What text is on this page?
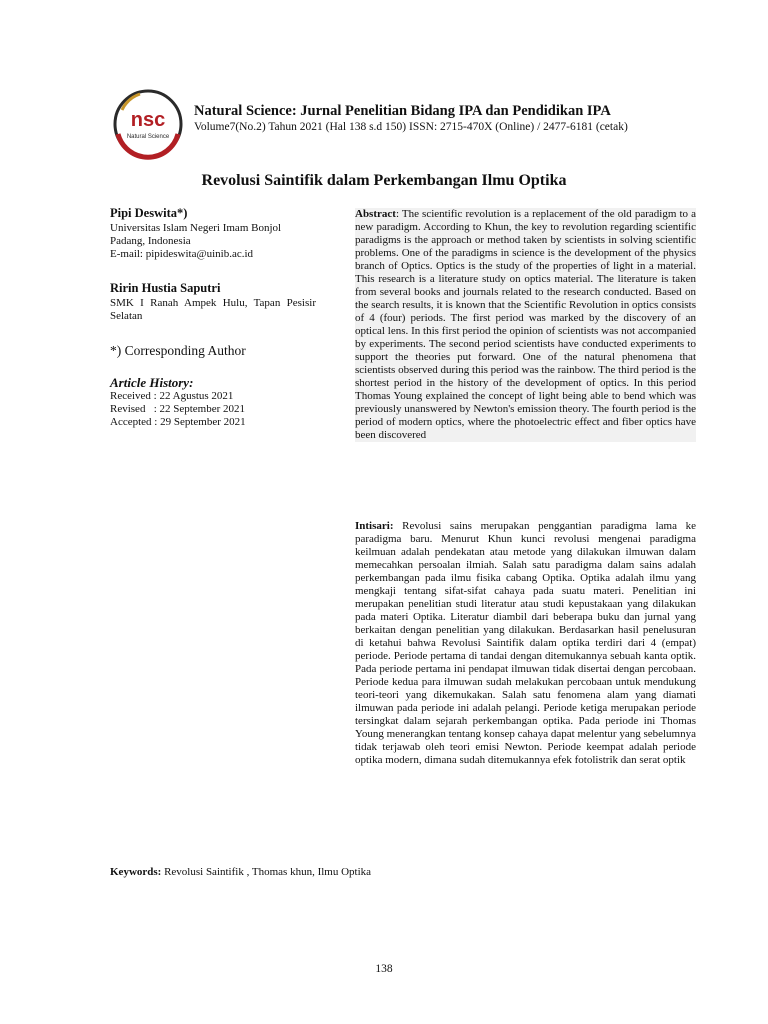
nsc
Natural Science
Natural Science: Jurnal Penelitian Bidang IPA dan Pendidikan IPA
Volume7(No.2) Tahun 2021 (Hal 138 s.d 150) ISSN: 2715-470X (Online) / 2477-6181 (cetak)
Revolusi Saintifik dalam Perkembangan Ilmu Optika
Pipi Deswita*)

Universitas Islam Negeri Imam Bonjol

Padang, Indonesia

E-mail: pipideswita@uinib.ac.id

Ririn Hustia Saputri

SMK I Ranah Ampek Hulu, Tapan Pesisir Selatan

*) Corresponding Author
Article History:
Received : 22 Agustus 2021
Revised   : 22 September 2021
Accepted : 29 September 2021
Abstract: The scientific revolution is a replacement of the old paradigm to a new paradigm. According to Khun, the key to revolution regarding scientific paradigms is the approach or method taken by scientists in solving scientific problems. One of the paradigms in science is the development of the physics branch of Optics. Optics is the study of the properties of light in a material. This research is a literature study on optics material. The literature is taken from several books and journals related to the research conducted. Based on the search results, it is known that the Scientific Revolution in optics consists of 4 (four) periods. The first period was marked by the discovery of an optical lens. In this first period the opinion of scientists was not accompanied by experiments. The second period scientists have conducted experiments to support the theories put forward. One of the natural phenomena that scientists observed during this period was the rainbow. The third period is the shortest period in the history of the development of optics. In this period Thomas Young explained the concept of light being able to bend which was previously unanswered by Newton's emission theory. The fourth period is the period of modern optics, where the photoelectric effect and fiber optics have been discovered
Intisari: Revolusi sains merupakan penggantian paradigma lama ke paradigma baru. Menurut Khun kunci revolusi mengenai paradigma keilmuan adalah pendekatan atau metode yang dilakukan ilmuwan dalam memecahkan persoalan ilmiah. Salah satu paradigma dalam sains adalah perkembangan pada ilmu fisika cabang Optika. Optika adalah ilmu yang mengkaji tentang sifat-sifat cahaya pada suatu materi. Penelitian ini merupakan penelitian studi literatur atau studi kepustakaan yang dilakukan pada materi Optika. Literatur diambil dari beberapa buku dan jurnal yang berkaitan dengan penelitian yang dilakukan. Berdasarkan hasil penelusuran di ketahui bahwa Revolusi Saintifik dalam optika terdiri dari 4 (empat) periode. Periode pertama di tandai dengan ditemukannya sebuah kanta optik. Pada periode pertama ini pendapat ilmuwan tidak disertai dengan percobaan. Periode kedua para ilmuwan sudah melakukan percobaan untuk mendukung teori-teori yang dikemukakan. Salah satu fenomena alam yang diamati ilmuwan pada periode ini adalah pelangi. Periode ketiga merupakan periode tersingkat dalam sejarah perkembangan optika. Pada periode ini Thomas Young menerangkan tentang konsep cahaya dapat melentur yang sebelumnya tidak terjawab oleh teori emisi Newton. Periode keempat adalah periode optika modern, dimana sudah ditemukannya efek fotolistrik dan serat optik
Keywords: Revolusi Saintifik , Thomas khun, Ilmu Optika
138
